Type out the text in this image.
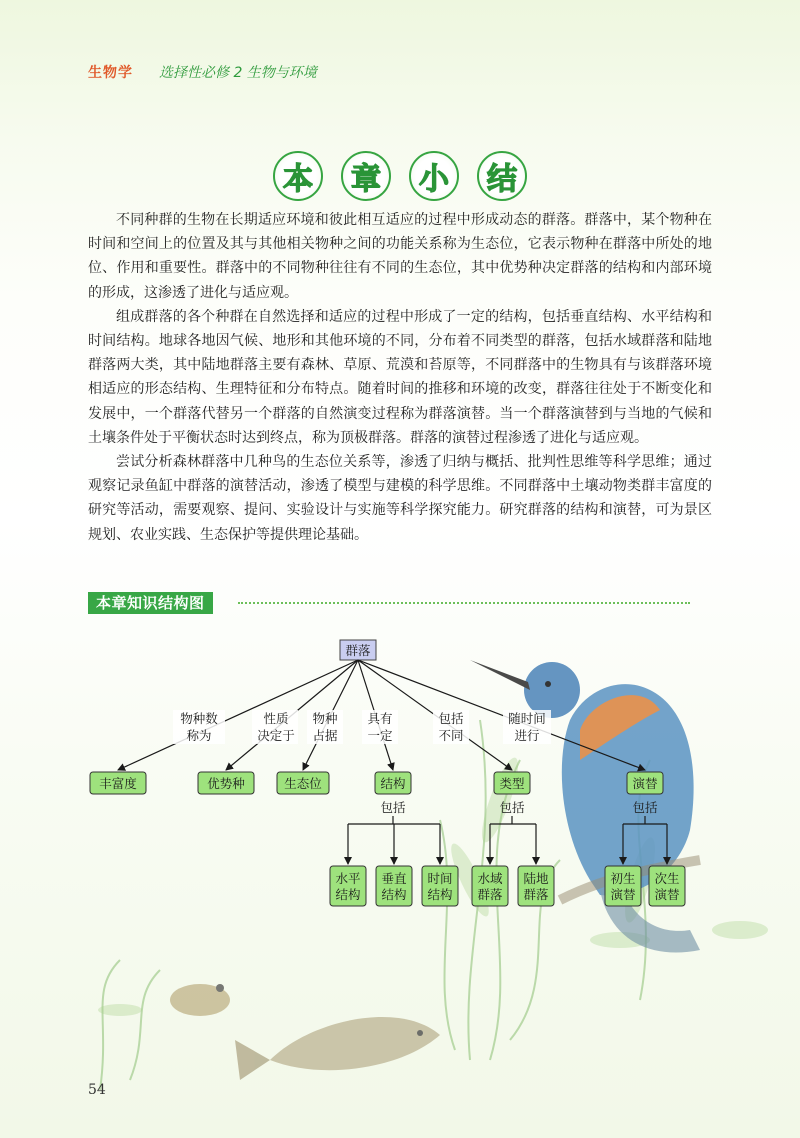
生物学 选择性必修 2 生物与环境
本	章	小	结

不同种群的生物在长期适应环境和彼此相互适应的过程中形成动态的群落。群落中，某个物种在时间和空间上的位置及其与其他相关物种之间的功能关系称为生态位，它表示物种在群落中所处的地位、作用和重要性。群落中的不同物种往往有不同的生态位，其中优势种决定群落的结构和内部环境的形成，这渗透了进化与适应观。

组成群落的各个种群在自然选择和适应的过程中形成了一定的结构，包括垂直结构、水平结构和时间结构。地球各地因气候、地形和其他环境的不同，分布着不同类型的群落，包括水域群落和陆地群落两大类，其中陆地群落主要有森林、草原、荒漠和苔原等，不同群落中的生物具有与该群落环境相适应的形态结构、生理特征和分布特点。随着时间的推移和环境的改变，群落往往处于不断变化和发展中，一个群落代替另一个群落的自然演变过程称为群落演替。当一个群落演替到与当地的气候和土壤条件处于平衡状态时达到终点，称为顶极群落。群落的演替过程渗透了进化与适应观。

尝试分析森林群落中几种鸟的生态位关系等，渗透了归纳与概括、批判性思维等科学思维；通过观察记录鱼缸中群落的演替活动，渗透了模型与建模的科学思维。不同群落中土壤动物类群丰富度的研究等活动，需要观察、提问、实验设计与实施等科学探究能力。研究群落的结构和演替，可为景区规划、农业实践、生态保护等提供理论基础。

本章知识结构图
群落
物种数
称为
性质
决定于
物种
占据
具有
一定
包括
不同
随时间
进行
丰富度	优势种	生态位	结构	类型	演替
包括	包括	包括
水平
结构
垂直
结构
时间
结构
水域
群落
陆地
群落
初生
演替
次生
演替
54
